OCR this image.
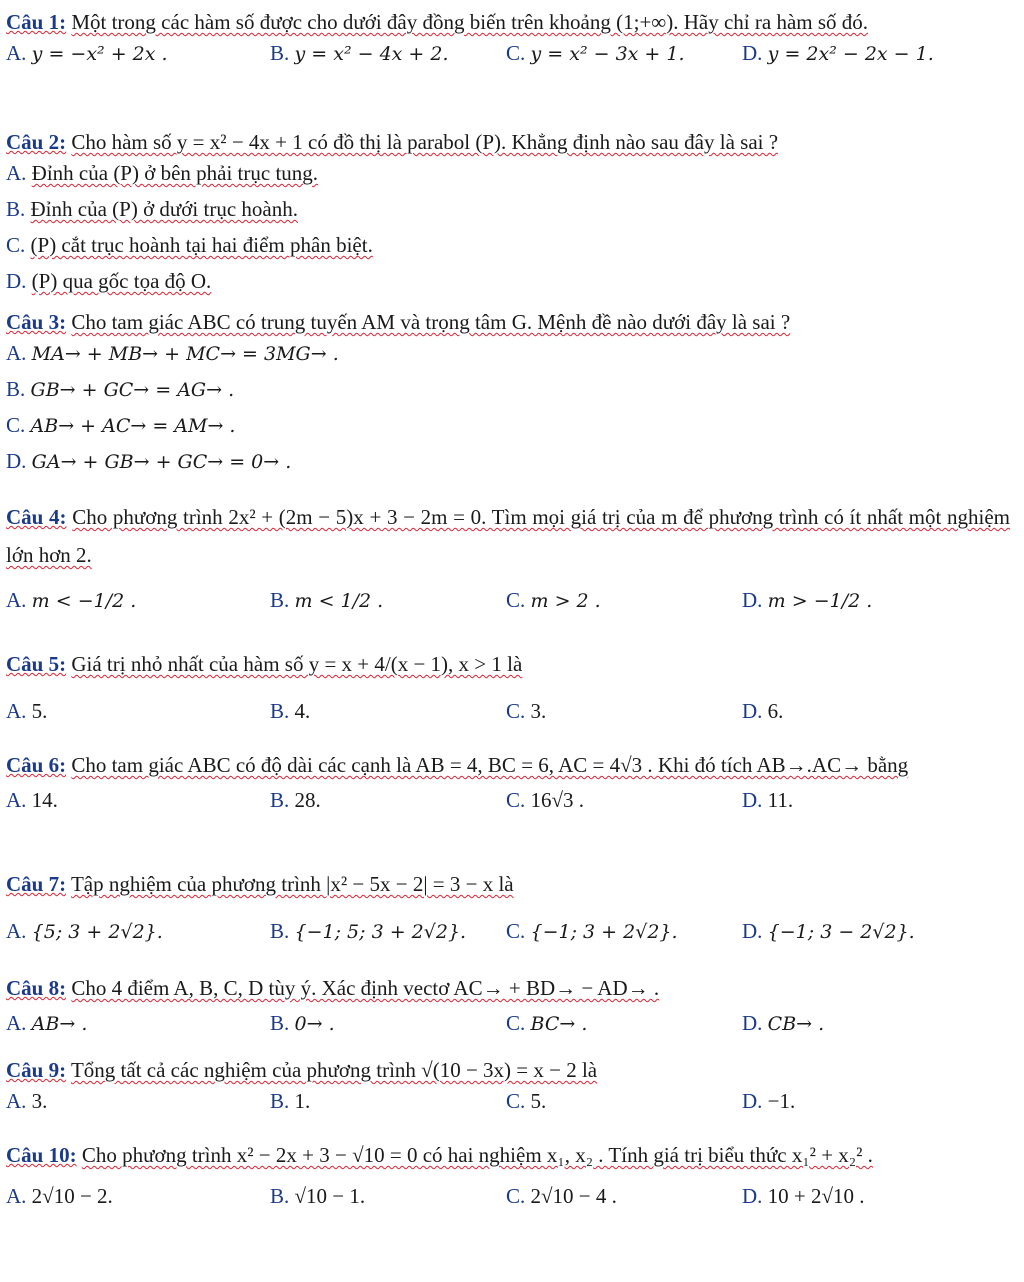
Câu 1: Một trong các hàm số được cho dưới đây đồng biến trên khoảng (1;+∞). Hãy chỉ ra hàm số đó.
A. y = −x² + 2x .	B. y = x² − 4x + 2.	C. y = x² − 3x + 1.	D. y = 2x² − 2x − 1.
Câu 2: Cho hàm số y = x² − 4x + 1 có đồ thị là parabol (P). Khẳng định nào sau đây là sai ?
A. Đỉnh của (P) ở bên phải trục tung.
B. Đỉnh của (P) ở dưới trục hoành.
C. (P) cắt trục hoành tại hai điểm phân biệt.
D. (P) qua gốc tọa độ O.
Câu 3: Cho tam giác ABC có trung tuyến AM và trọng tâm G. Mệnh đề nào dưới đây là sai ?
A. MA→ + MB→ + MC→ = 3MG→ .
B. GB→ + GC→ = AG→ .
C. AB→ + AC→ = AM→ .
D. GA→ + GB→ + GC→ = 0→ .
Câu 4: Cho phương trình 2x² + (2m − 5)x + 3 − 2m = 0. Tìm mọi giá trị của m để phương trình có ít nhất một nghiệm lớn hơn 2.
A. m < −1/2 .	B. m < 1/2 .	C. m > 2 .	D. m > −1/2 .
Câu 5: Giá trị nhỏ nhất của hàm số y = x + 4/(x − 1), x > 1 là
A. 5.	B. 4.	C. 3.	D. 6.
Câu 6: Cho tam giác ABC có độ dài các cạnh là AB = 4, BC = 6, AC = 4√3 . Khi đó tích AB→.AC→ bằng
A. 14.	B. 28.	C. 16√3 .	D. 11.
Câu 7: Tập nghiệm của phương trình |x² − 5x − 2| = 3 − x là
A. {5; 3 + 2√2}.	B. {−1; 5; 3 + 2√2}. C. {−1; 3 + 2√2}.	D. {−1; 3 − 2√2}.
Câu 8: Cho 4 điểm A, B, C, D tùy ý. Xác định vectơ AC→ + BD→ − AD→ .
A. AB→ .	B. 0→ .	C. BC→ .	D. CB→ .
Câu 9: Tổng tất cả các nghiệm của phương trình √(10 − 3x) = x − 2 là
A. 3.	B. 1.	C. 5.	D. −1.
Câu 10: Cho phương trình x² − 2x + 3 − √10 = 0 có hai nghiệm x₁, x₂ . Tính giá trị biểu thức x₁² + x₂² .
A. 2√10 − 2.	B. √10 − 1.	C. 2√10 − 4 .	D. 10 + 2√10 .
